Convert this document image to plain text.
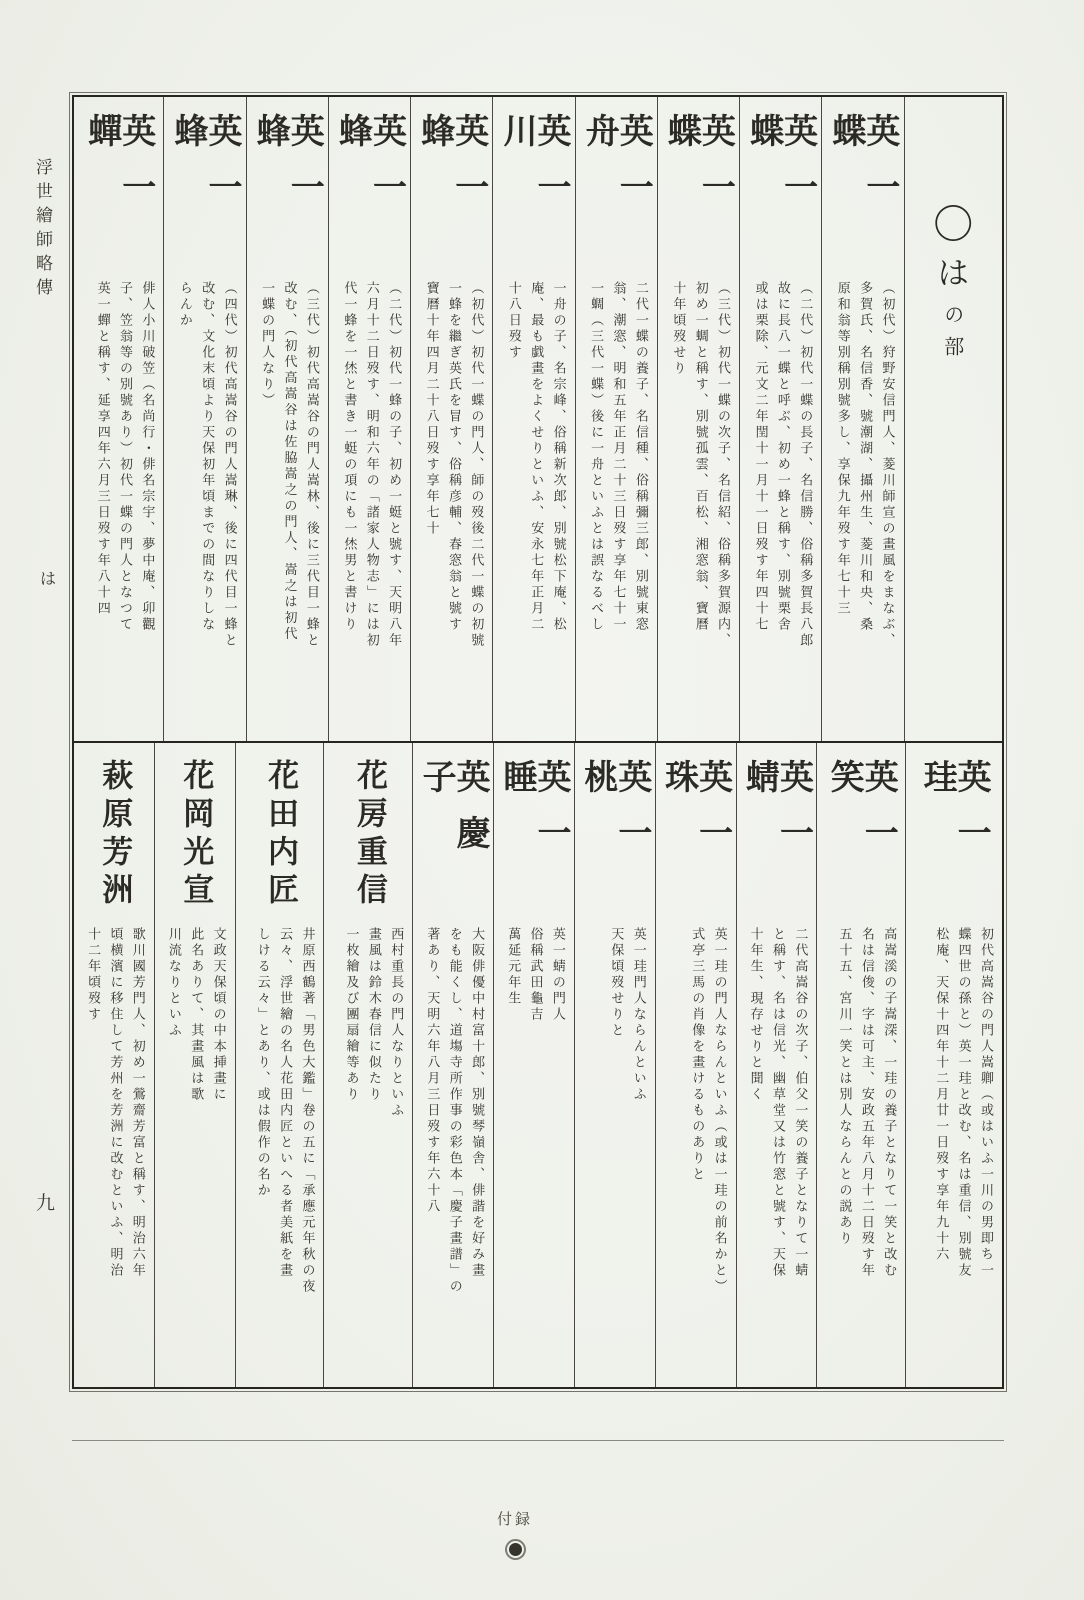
浮世繪師略傳
は
九
〇
は
の部
英一蝶
（初代）狩野安信門人、菱川師宣の畫風をまなぶ、
多賀氏、名信香、號潮湖、攝州生、菱川和央、桑
原和翁等別稱別號多し、享保九年歿す年七十三
英一蝶
（二代）初代一蝶の長子、名信勝、俗稱多賀長八郎
故に長八一蝶と呼ぶ、初め一蜂と稱す、別號栗舍
或は栗除、元文二年閏十一月十一日歿す年四十七
英一蝶
（三代）初代一蝶の次子、名信紹、俗稱多賀源内、
初め一蜩と稱す、別號孤雲、百松、湘窓翁、寶曆
十年頃歿せり
英一舟
二代一蝶の養子、名信種、俗稱彌三郎、別號東窓
翁、潮窓、明和五年正月二十三日歿す享年七十一
一蜩（三代一蝶）後に一舟といふとは誤なるべし
英一川
一舟の子、名宗峰、俗稱新次郎、別號松下庵、松
庵、最も戯畫をよくせりといふ、安永七年正月二
十八日歿す
英一蜂
（初代）初代一蝶の門人、師の歿後二代一蝶の初號
一蜂を繼ぎ英氏を冒す、俗稱彦輔、春窓翁と號す
寶曆十年四月二十八日歿す享年七十
英一蜂
（二代）初代一蜂の子、初め一蜓と號す、天明八年
六月十二日歿す、明和六年の「諸家人物志」には初
代一蜂を一烋と書き一蜓の項にも一烋男と書けり
英一蜂
（三代）初代高嵩谷の門人嵩林、後に三代目一蜂と
改む、（初代高嵩谷は佐脇嵩之の門人、嵩之は初代
一蝶の門人なり）
英一蜂
（四代）初代高嵩谷の門人嵩琳、後に四代目一蜂と
改む、文化末頃より天保初年頃までの間なりしな
らんか
英一蟬
俳人小川破笠（名尚行・俳名宗宇、夢中庵、卯觀
子、笠翁等の別號あり）初代一蝶の門人となつて
英一蟬と稱す、延享四年六月三日歿す年八十四
英一珪
初代高嵩谷の門人嵩卿（或はいふ一川の男即ち一
蝶四世の孫と）英一珪と改む、名は重信、別號友
松庵、天保十四年十二月廿一日歿す享年九十六
英一笑
高嵩溪の子嵩深、一珪の養子となりて一笑と改む
名は信俊、字は可主、安政五年八月十二日歿す年
五十五、宮川一笑とは別人ならんとの説あり
英一蜻
二代高嵩谷の次子、伯父一笑の養子となりて一蜻
と稱す、名は信光、幽草堂又は竹窓と號す、天保
十年生、現存せりと聞く
英一珠
英一珪の門人ならんといふ（或は一珪の前名かと）
式亭三馬の肖像を畫けるものありと
英一桃
英一珪門人ならんといふ
天保頃歿せりと
英一睡
英一蜻の門人
俗稱武田龜吉
萬延元年生
英慶子
大阪俳優中村富十郎、別號琴嶺舎、俳諧を好み畫
をも能くし、道塲寺所作事の彩色本「慶子畫譜」の
著あり、天明六年八月三日歿す年六十八
花房重信
西村重長の門人なりといふ
畫風は鈴木春信に似たり
一枚繪及び團扇繪等あり
花田内匠
井原西鶴著「男色大鑑」卷の五に「承應元年秋の夜
云々、浮世繪の名人花田内匠といへる者美紙を畫
しける云々」とあり、或は假作の名か
花岡光宣
文政天保頃の中本挿畫に
此名ありて、其畫風は歌
川流なりといふ
萩原芳洲
歌川國芳門人、初め一鶯齋芳富と稱す、明治六年
頃横濱に移住して芳州を芳洲に改むといふ、明治
十二年頃歿す
付録
